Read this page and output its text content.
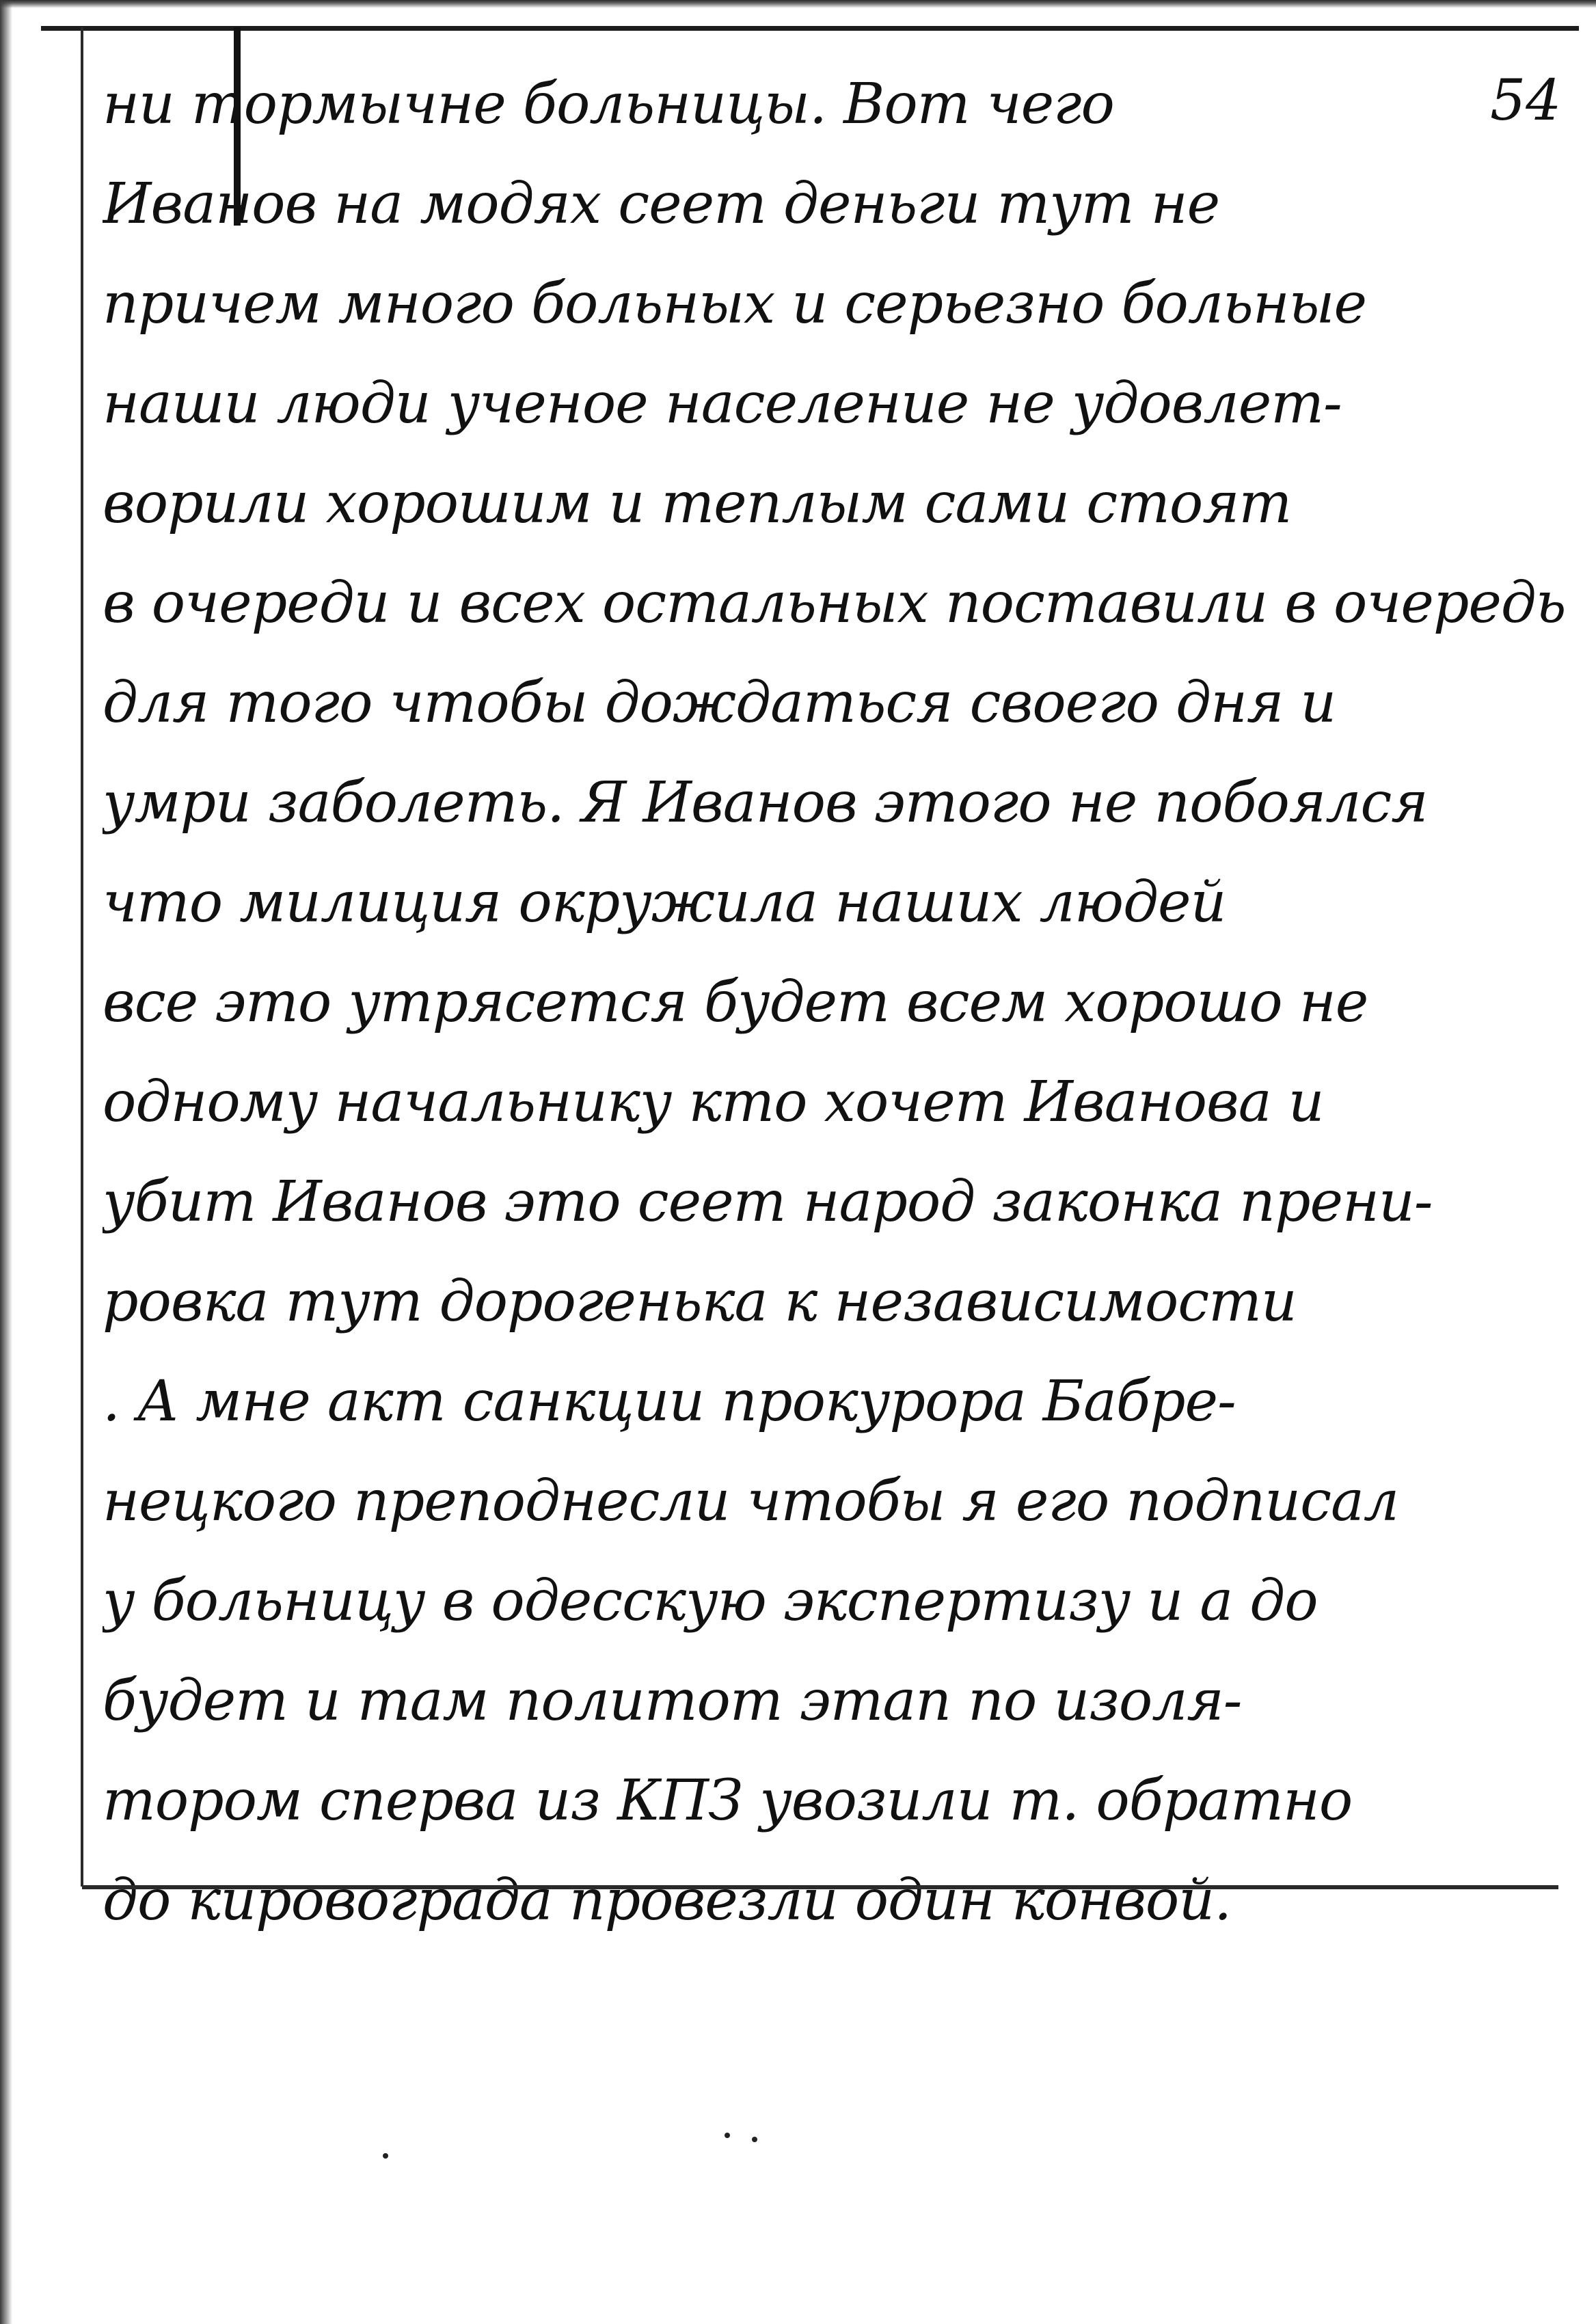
54
ни тормычне больницы. Вот чего
Иванов на модях сеет деньги тут не
причем много больных и серьезно больные
наши люди ученое население не удовлет-
ворили хорошим и теплым сами стоят
в очереди и всех остальных поставили в очередь
для того чтобы дождаться своего дня и
умри заболеть. Я Иванов этого не побоялся
что милиция окружила наших людей
все это утрясется будет всем хорошо не
одному начальнику кто хочет Иванова и
убит Иванов это сеет народ законка прени-
ровка тут дорогенька к независимости
. А мне акт санкции прокурора Бабре-
нецкого преподнесли чтобы я его подписал
у больницу в одесскую экспертизу и а до
будет и там политот этап по изоля-
тором сперва из КПЗ увозили т. обратно
до кировограда провезли один конвой.
